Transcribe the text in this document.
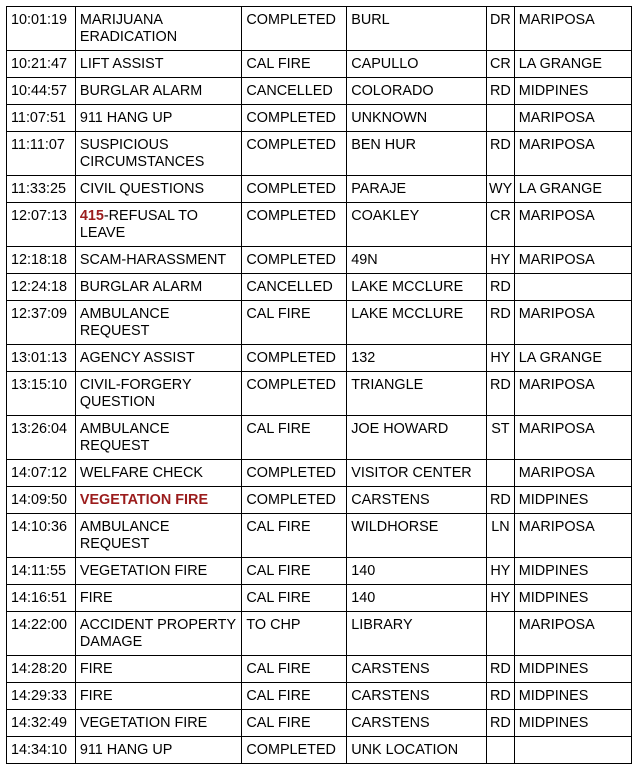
10:01:19	MARIJUANA ERADICATION	COMPLETED	BURL	DR	MARIPOSA
10:21:47	LIFT ASSIST	CAL FIRE	CAPULLO	CR	LA GRANGE
10:44:57	BURGLAR ALARM	CANCELLED	COLORADO	RD	MIDPINES
11:07:51	911 HANG UP	COMPLETED	UNKNOWN		MARIPOSA
11:11:07	SUSPICIOUS CIRCUMSTANCES	COMPLETED	BEN HUR	RD	MARIPOSA
11:33:25	CIVIL QUESTIONS	COMPLETED	PARAJE	WY	LA GRANGE
12:07:13	415-REFUSAL TO LEAVE	COMPLETED	COAKLEY	CR	MARIPOSA
12:18:18	SCAM-HARASSMENT	COMPLETED	49N	HY	MARIPOSA
12:24:18	BURGLAR ALARM	CANCELLED	LAKE MCCLURE	RD	
12:37:09	AMBULANCE REQUEST	CAL FIRE	LAKE MCCLURE	RD	MARIPOSA
13:01:13	AGENCY ASSIST	COMPLETED	132	HY	LA GRANGE
13:15:10	CIVIL-FORGERY QUESTION	COMPLETED	TRIANGLE	RD	MARIPOSA
13:26:04	AMBULANCE REQUEST	CAL FIRE	JOE HOWARD	ST	MARIPOSA
14:07:12	WELFARE CHECK	COMPLETED	VISITOR CENTER		MARIPOSA
14:09:50	VEGETATION FIRE	COMPLETED	CARSTENS	RD	MIDPINES
14:10:36	AMBULANCE REQUEST	CAL FIRE	WILDHORSE	LN	MARIPOSA
14:11:55	VEGETATION FIRE	CAL FIRE	140	HY	MIDPINES
14:16:51	FIRE	CAL FIRE	140	HY	MIDPINES
14:22:00	ACCIDENT PROPERTY DAMAGE	TO CHP	LIBRARY		MARIPOSA
14:28:20	FIRE	CAL FIRE	CARSTENS	RD	MIDPINES
14:29:33	FIRE	CAL FIRE	CARSTENS	RD	MIDPINES
14:32:49	VEGETATION FIRE	CAL FIRE	CARSTENS	RD	MIDPINES
14:34:10	911 HANG UP	COMPLETED	UNK LOCATION		
